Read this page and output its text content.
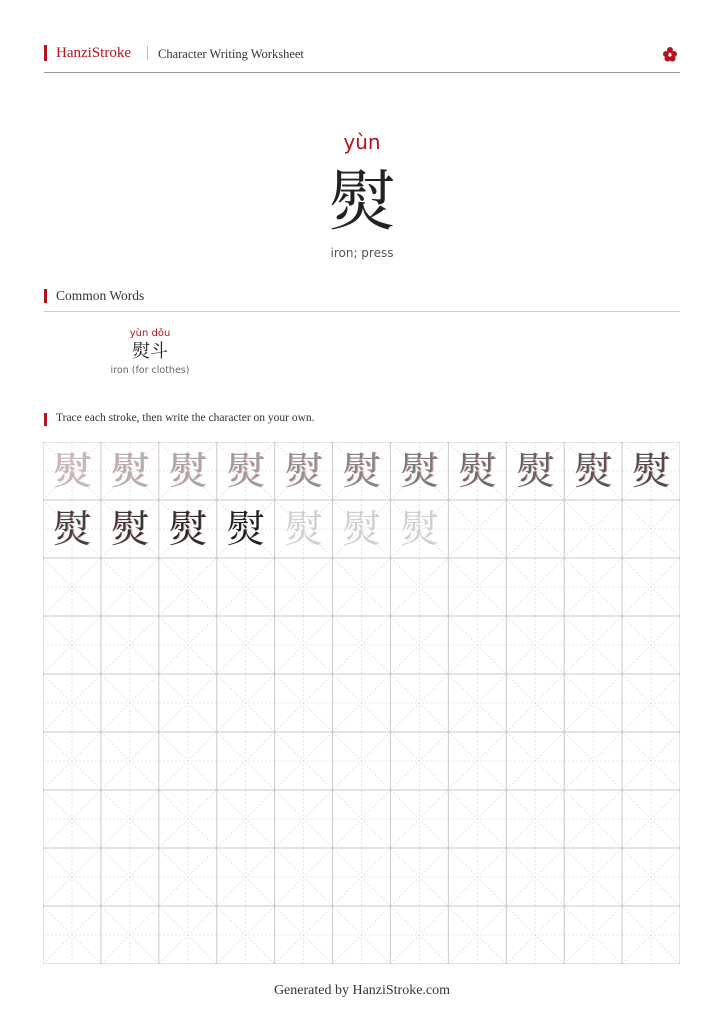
HanziStroke Character Writing Worksheet
yùn
熨
iron; press
Common Words
yùn dǒu
熨斗
iron (for clothes)
Trace each stroke, then write the character on your own.
熨 熨 熨 熨 熨 熨 熨 熨 熨 熨 熨
熨 熨 熨 熨 熨 熨 熨
Generated by HanziStroke.com
